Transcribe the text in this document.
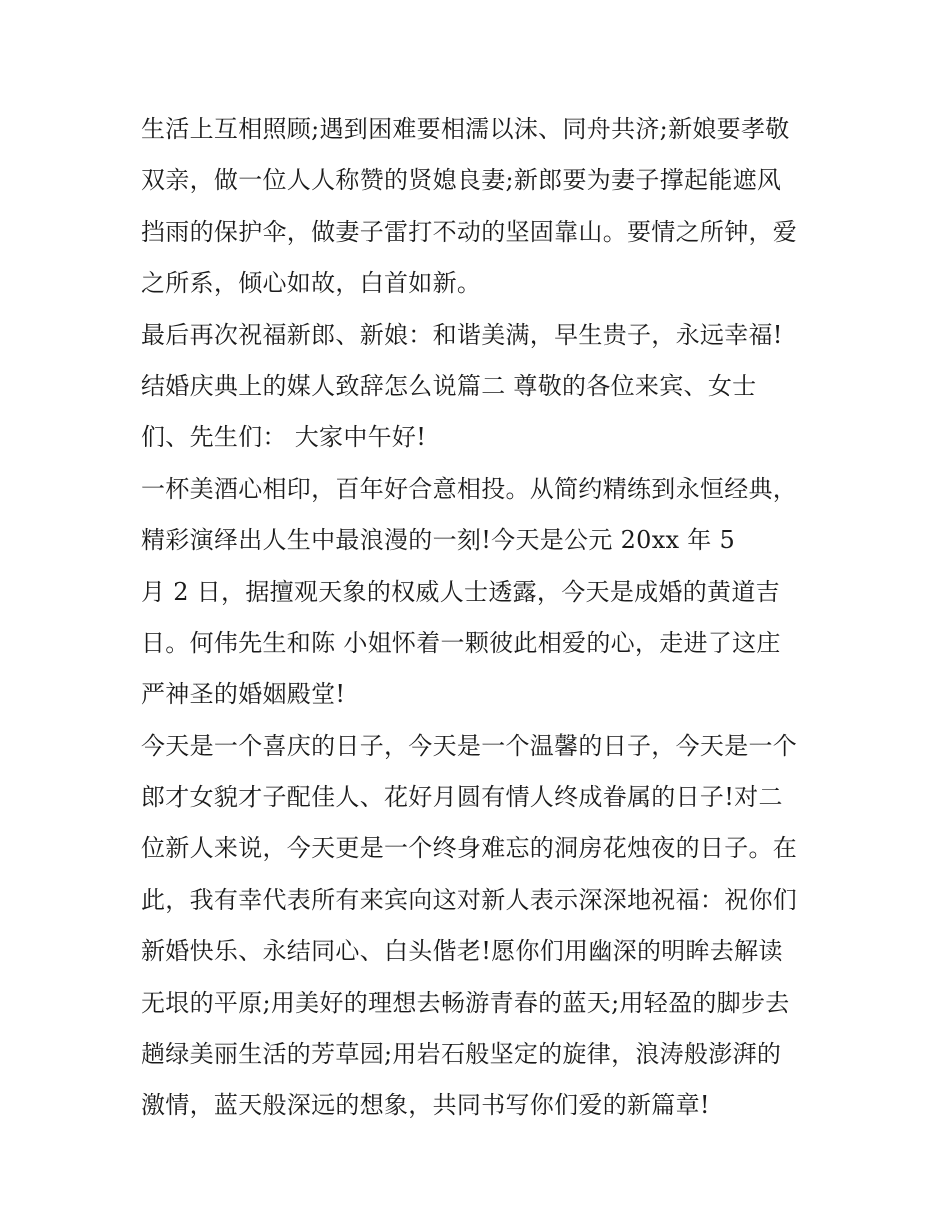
生活上互相照顾;遇到困难要相濡以沫、同舟共济;新娘要孝敬
双亲，做一位人人称赞的贤媳良妻;新郎要为妻子撑起能遮风
挡雨的保护伞，做妻子雷打不动的坚固靠山。要情之所钟，爱
之所系，倾心如故，白首如新。
最后再次祝福新郎、新娘：和谐美满，早生贵子，永远幸福!
结婚庆典上的媒人致辞怎么说篇二 尊敬的各位来宾、女士
们、先生们： 大家中午好!
一杯美酒心相印，百年好合意相投。从简约精练到永恒经典，
精彩演绎出人生中最浪漫的一刻!今天是公元 20xx 年 5
月 2 日，据擅观天象的权威人士透露，今天是成婚的黄道吉
日。何伟先生和陈 小姐怀着一颗彼此相爱的心，走进了这庄
严神圣的婚姻殿堂!
今天是一个喜庆的日子，今天是一个温馨的日子，今天是一个
郎才女貌才子配佳人、花好月圆有情人终成眷属的日子!对二
位新人来说，今天更是一个终身难忘的洞房花烛夜的日子。在
此，我有幸代表所有来宾向这对新人表示深深地祝福：祝你们
新婚快乐、永结同心、白头偕老!愿你们用幽深的明眸去解读
无垠的平原;用美好的理想去畅游青春的蓝天;用轻盈的脚步去
趟绿美丽生活的芳草园;用岩石般坚定的旋律，浪涛般澎湃的
激情，蓝天般深远的想象，共同书写你们爱的新篇章!
